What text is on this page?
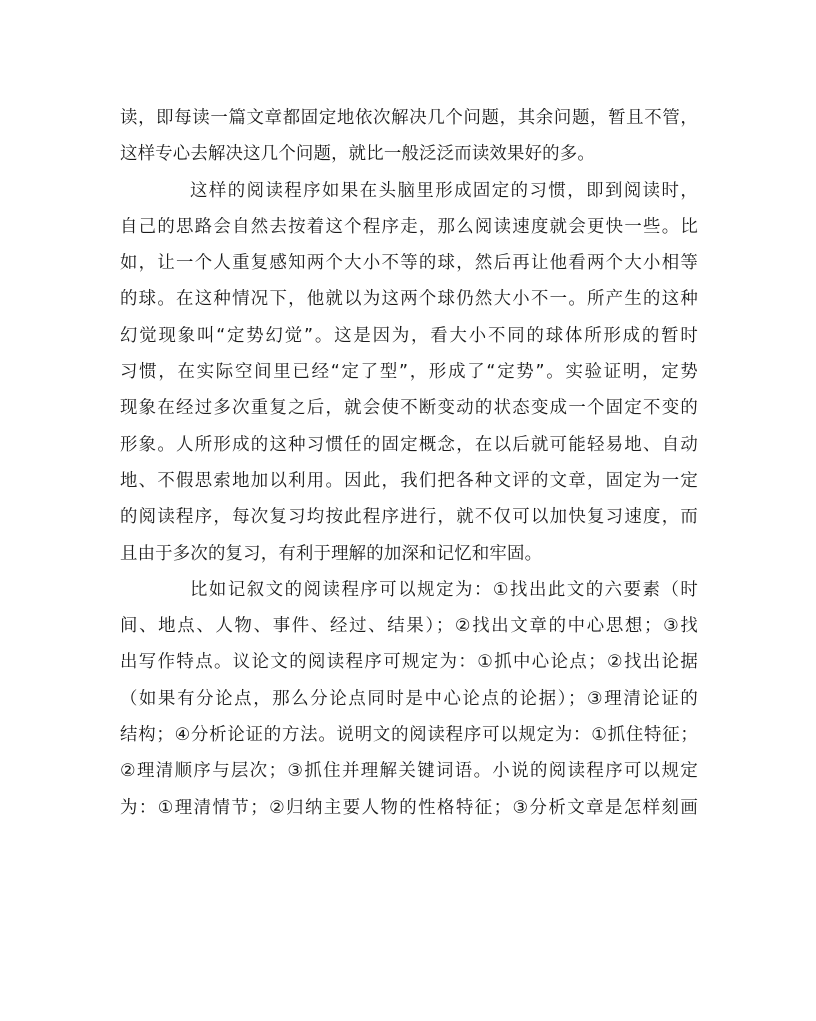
读，即每读一篇文章都固定地依次解决几个问题，其余问题，暂且不管，
这样专心去解决这几个问题，就比一般泛泛而读效果好的多。
这样的阅读程序如果在头脑里形成固定的习惯，即到阅读时，
自己的思路会自然去按着这个程序走，那么阅读速度就会更快一些。比
如，让一个人重复感知两个大小不等的球，然后再让他看两个大小相等
的球。在这种情况下，他就以为这两个球仍然大小不一。所产生的这种
幻觉现象叫“定势幻觉”。这是因为，看大小不同的球体所形成的暂时
习惯，在实际空间里已经“定了型”，形成了“定势”。实验证明，定势
现象在经过多次重复之后，就会使不断变动的状态变成一个固定不变的
形象。人所形成的这种习惯任的固定概念，在以后就可能轻易地、自动
地、不假思索地加以利用。因此，我们把各种文评的文章，固定为一定
的阅读程序，每次复习均按此程序进行，就不仅可以加快复习速度，而
且由于多次的复习，有利于理解的加深和记忆和牢固。
比如记叙文的阅读程序可以规定为：①找出此文的六要素（时
间、地点、人物、事件、经过、结果）；②找出文章的中心思想；③找
出写作特点。议论文的阅读程序可规定为：①抓中心论点；②找出论据
（如果有分论点，那么分论点同时是中心论点的论据）；③理清论证的
结构；④分析论证的方法。说明文的阅读程序可以规定为：①抓住特征；
②理清顺序与层次；③抓住并理解关键词语。小说的阅读程序可以规定
为：①理清情节；②归纳主要人物的性格特征；③分析文章是怎样刻画
